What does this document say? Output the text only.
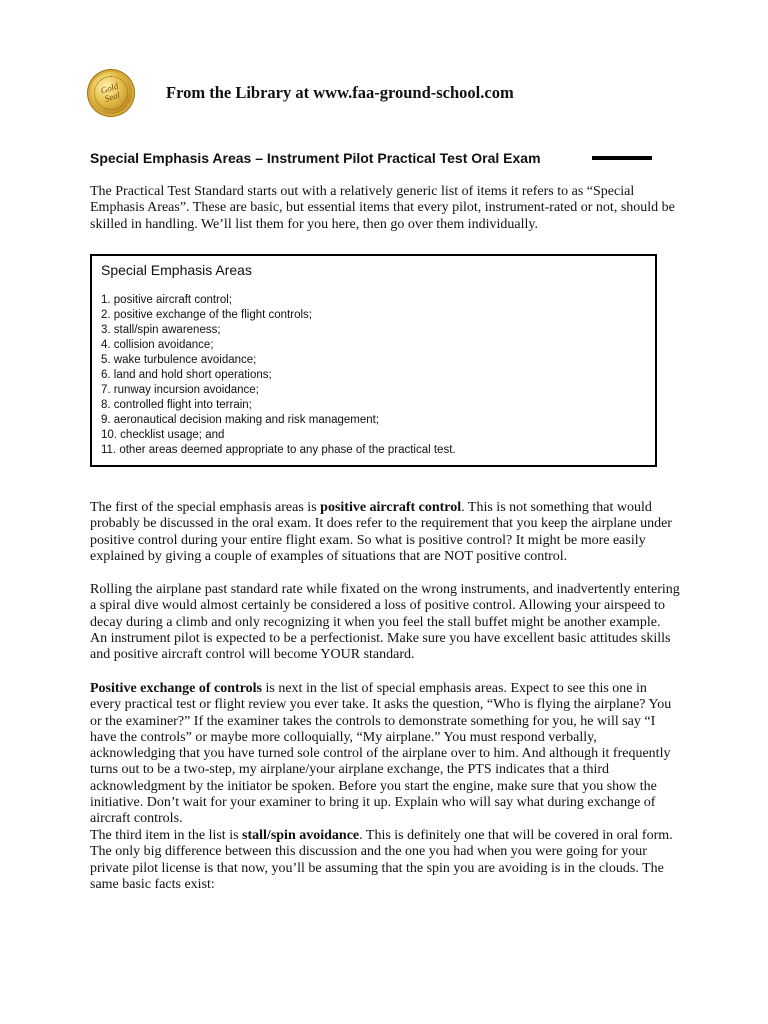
Gold Seal	From the Library at www.faa-ground-school.com
Special Emphasis Areas – Instrument Pilot Practical Test Oral Exam

The Practical Test Standard starts out with a relatively generic list of items it refers to as “Special Emphasis Areas”. These are basic, but essential items that every pilot, instrument-rated or not, should be skilled in handling. We’ll list them for you here, then go over them individually.

Special Emphasis Areas
1. positive aircraft control;
2. positive exchange of the flight controls;
3. stall/spin awareness;
4. collision avoidance;
5. wake turbulence avoidance;
6. land and hold short operations;
7. runway incursion avoidance;
8. controlled flight into terrain;
9. aeronautical decision making and risk management;
10. checklist usage; and
11. other areas deemed appropriate to any phase of the practical test.

The first of the special emphasis areas is positive aircraft control. This is not something that would probably be discussed in the oral exam. It does refer to the requirement that you keep the airplane under positive control during your entire flight exam. So what is positive control? It might be more easily explained by giving a couple of examples of situations that are NOT positive control.

Rolling the airplane past standard rate while fixated on the wrong instruments, and inadvertently entering a spiral dive would almost certainly be considered a loss of positive control. Allowing your airspeed to decay during a climb and only recognizing it when you feel the stall buffet might be another example. An instrument pilot is expected to be a perfectionist. Make sure you have excellent basic attitudes skills and positive aircraft control will become YOUR standard.

Positive exchange of controls is next in the list of special emphasis areas. Expect to see this one in every practical test or flight review you ever take. It asks the question, “Who is flying the airplane? You or the examiner?” If the examiner takes the controls to demonstrate something for you, he will say “I have the controls” or maybe more colloquially, “My airplane.” You must respond verbally, acknowledging that you have turned sole control of the airplane over to him. And although it frequently turns out to be a two-step, my airplane/your airplane exchange, the PTS indicates that a third acknowledgment by the initiator be spoken. Before you start the engine, make sure that you show the initiative. Don’t wait for your examiner to bring it up. Explain who will say what during exchange of aircraft controls.

The third item in the list is stall/spin avoidance. This is definitely one that will be covered in oral form. The only big difference between this discussion and the one you had when you were going for your private pilot license is that now, you’ll be assuming that the spin you are avoiding is in the clouds. The same basic facts exist:
